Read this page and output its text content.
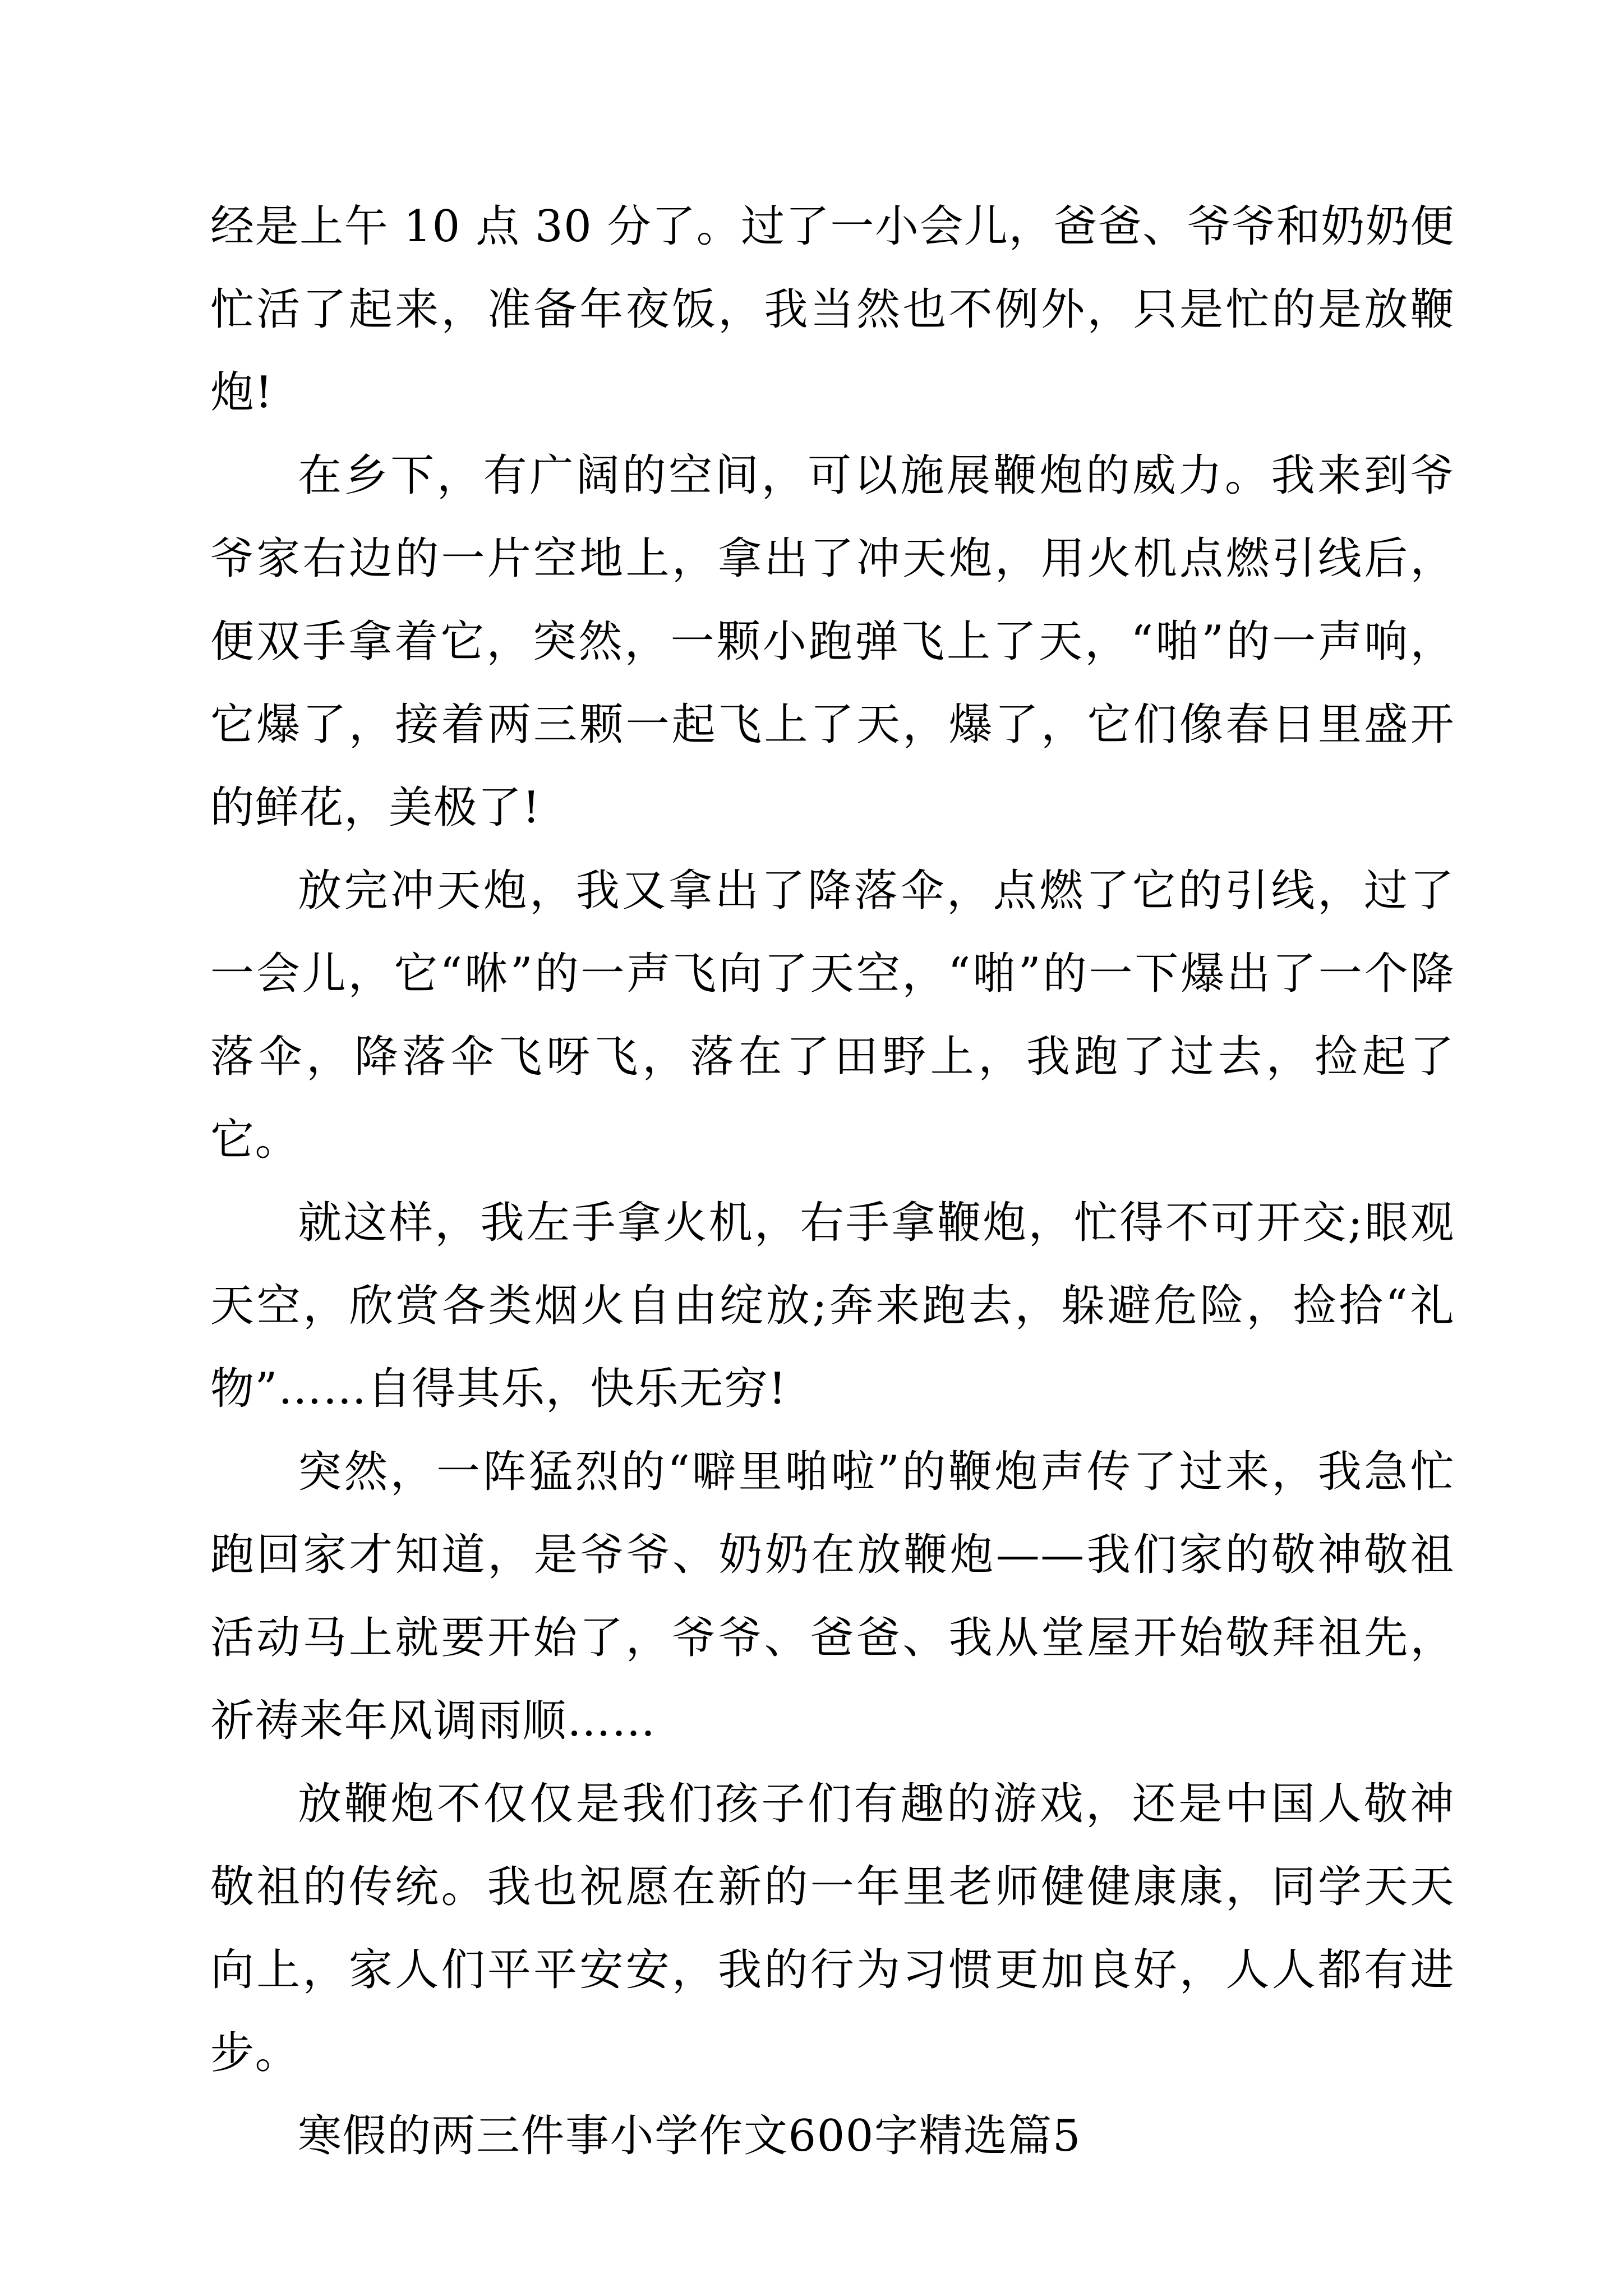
经是上午 10 点 30 分了。过了一小会儿，爸爸、爷爷和奶奶便忙活了起来，准备年夜饭，我当然也不例外，只是忙的是放鞭炮!

在乡下，有广阔的空间，可以施展鞭炮的威力。我来到爷爷家右边的一片空地上，拿出了冲天炮，用火机点燃引线后，便双手拿着它，突然，一颗小跑弹飞上了天，“啪”的一声响，它爆了，接着两三颗一起飞上了天，爆了，它们像春日里盛开的鲜花，美极了!

放完冲天炮，我又拿出了降落伞，点燃了它的引线，过了一会儿，它“咻”的一声飞向了天空，“啪”的一下爆出了一个降落伞，降落伞飞呀飞，落在了田野上，我跑了过去，捡起了它。

就这样，我左手拿火机，右手拿鞭炮，忙得不可开交;眼观天空，欣赏各类烟火自由绽放;奔来跑去，躲避危险，捡拾“礼物”……自得其乐，快乐无穷!

突然，一阵猛烈的“噼里啪啦”的鞭炮声传了过来，我急忙跑回家才知道，是爷爷、奶奶在放鞭炮——我们家的敬神敬祖活动马上就要开始了，爷爷、爸爸、我从堂屋开始敬拜祖先，祈祷来年风调雨顺……

放鞭炮不仅仅是我们孩子们有趣的游戏，还是中国人敬神敬祖的传统。我也祝愿在新的一年里老师健健康康，同学天天向上，家人们平平安安，我的行为习惯更加良好，人人都有进步。

寒假的两三件事小学作文600字精选篇5
